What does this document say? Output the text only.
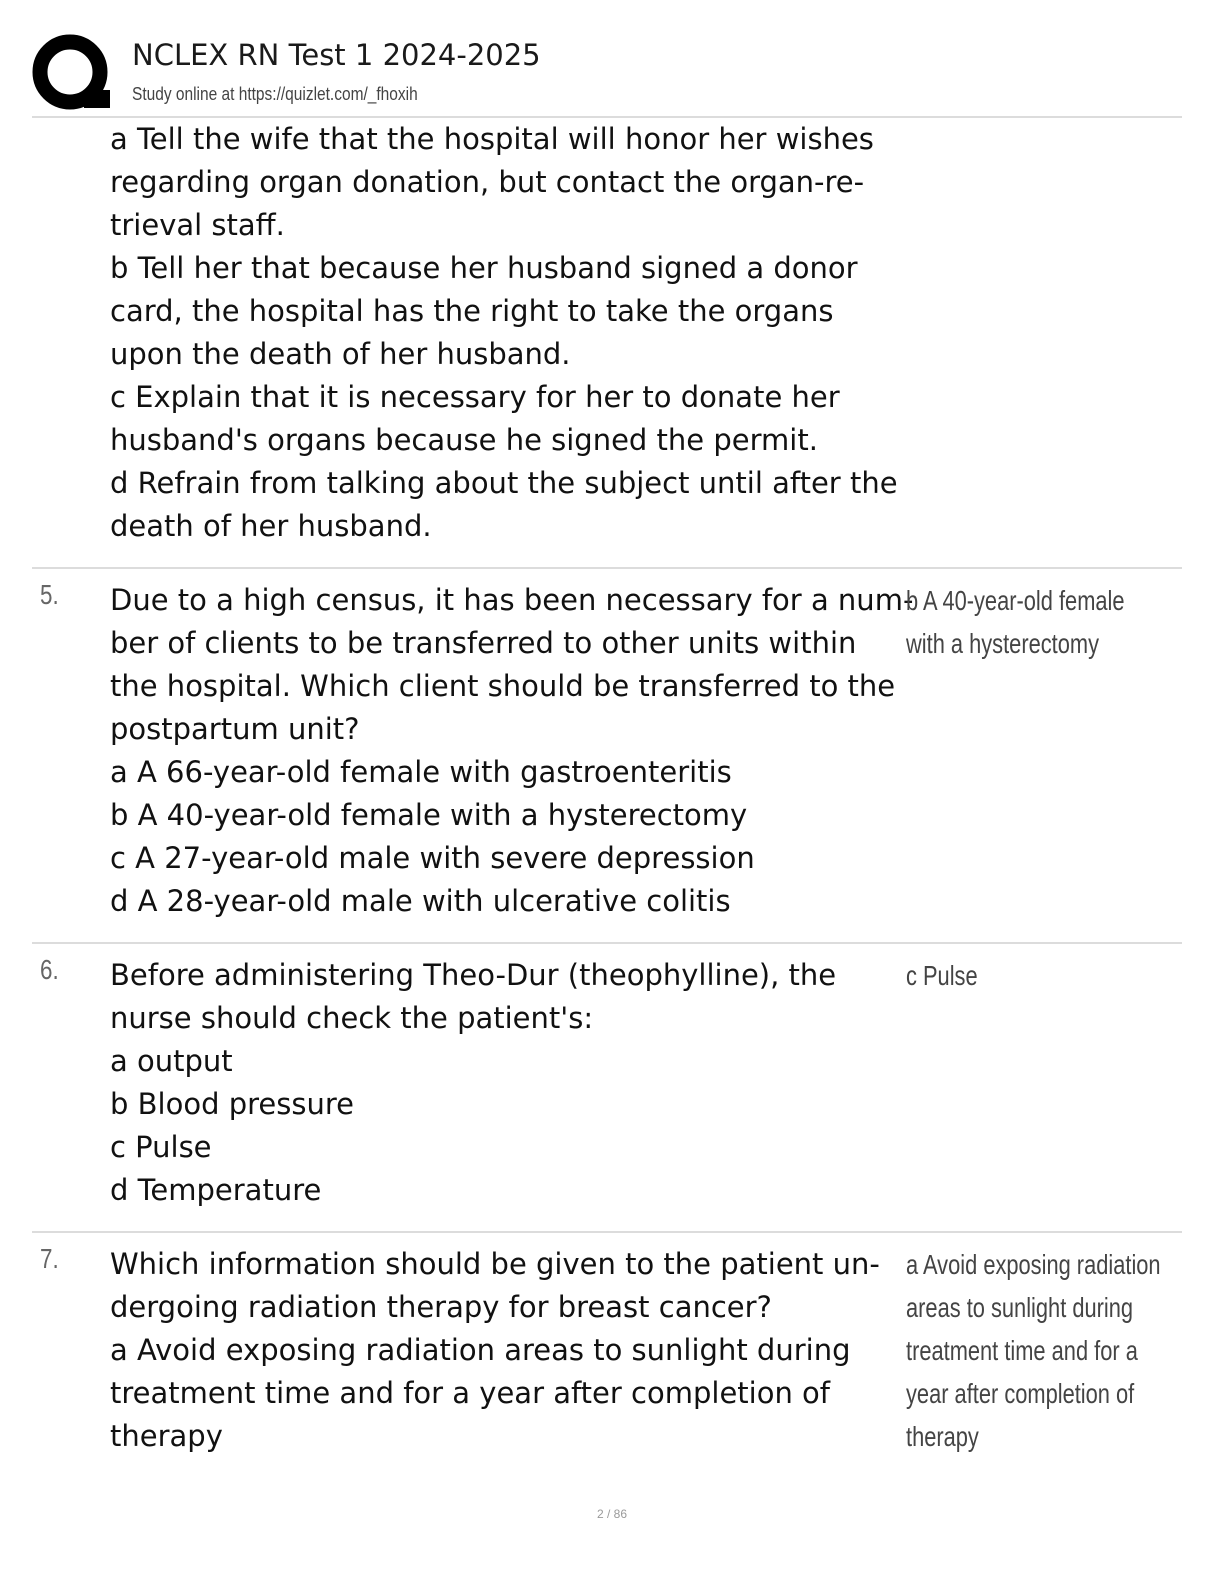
NCLEX RN Test 1 2024-2025
Study online at https://quizlet.com/_fhoxih
a Tell the wife that the hospital will honor her wishes
regarding organ donation, but contact the organ-re-
trieval staff.
b Tell her that because her husband signed a donor
card, the hospital has the right to take the organs
upon the death of her husband.
c Explain that it is necessary for her to donate her
husband's organs because he signed the permit.
d Refrain from talking about the subject until after the
death of her husband.
5. Due to a high census, it has been necessary for a num-
ber of clients to be transferred to other units within
the hospital. Which client should be transferred to the
postpartum unit?
a A 66-year-old female with gastroenteritis
b A 40-year-old female with a hysterectomy
c A 27-year-old male with severe depression
d A 28-year-old male with ulcerative colitis
b A 40-year-old female
with a hysterectomy
6. Before administering Theo-Dur (theophylline), the
nurse should check the patient's:
a output
b Blood pressure
c Pulse
d Temperature
c Pulse
7. Which information should be given to the patient un-
dergoing radiation therapy for breast cancer?
a Avoid exposing radiation areas to sunlight during
treatment time and for a year after completion of
therapy
a Avoid exposing radiation
areas to sunlight during
treatment time and for a
year after completion of
therapy
2 / 86
